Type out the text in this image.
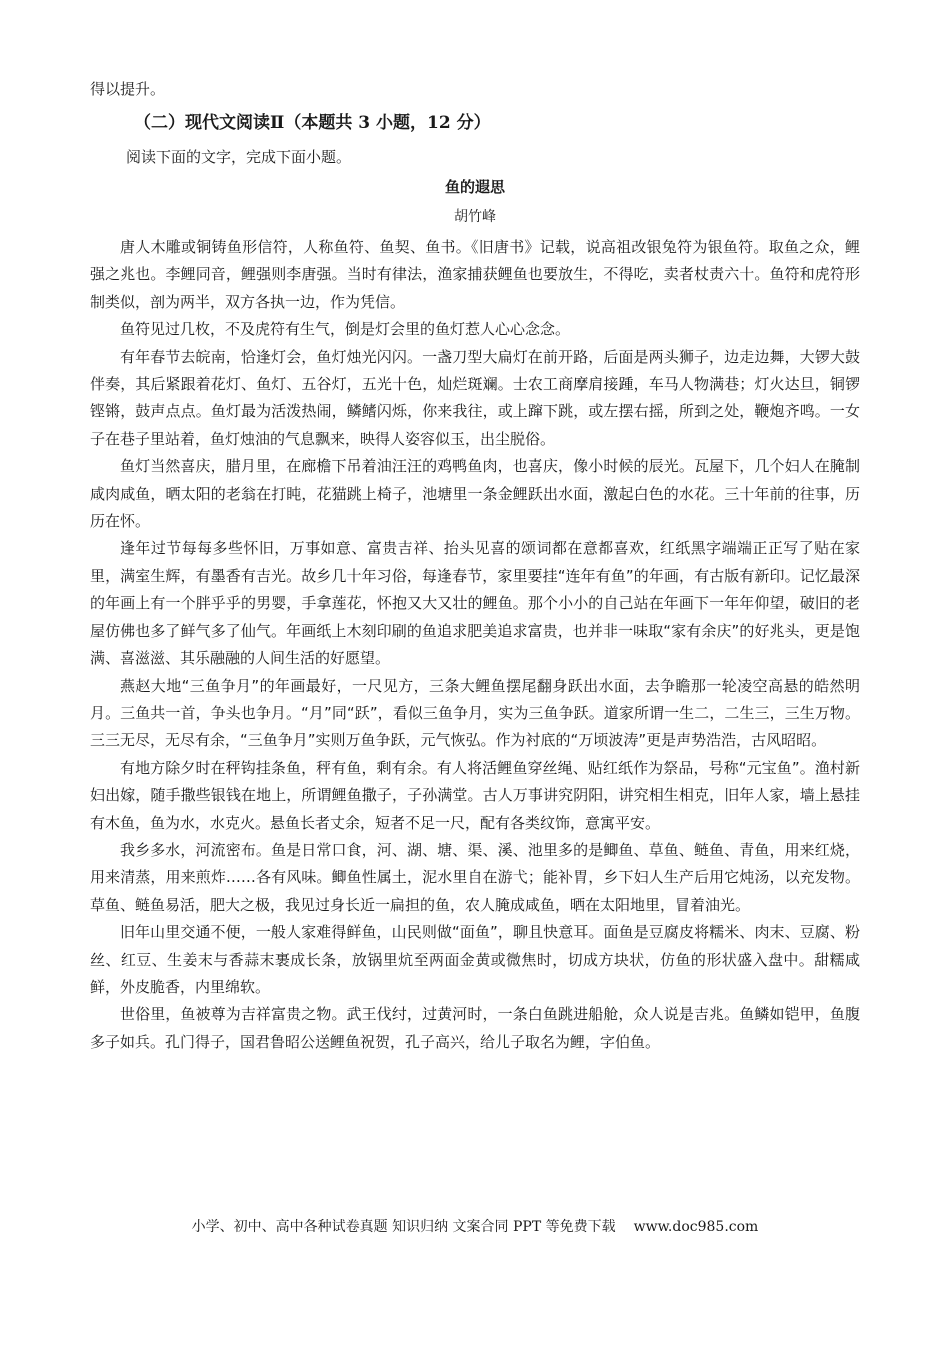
得以提升。
（二）现代文阅读Ⅱ（本题共 3 小题，12 分）
阅读下面的文字，完成下面小题。
鱼的遐思
胡竹峰

唐人木雕或铜铸鱼形信符，人称鱼符、鱼契、鱼书。《旧唐书》记载，说高祖改银兔符为银鱼符。取鱼之众，鲤强之兆也。李鲤同音，鲤强则李唐强。当时有律法，渔家捕获鲤鱼也要放生，不得吃，卖者杖责六十。鱼符和虎符形制类似，剖为两半，双方各执一边，作为凭信。

鱼符见过几枚，不及虎符有生气，倒是灯会里的鱼灯惹人心心念念。

有年春节去皖南，恰逢灯会，鱼灯烛光闪闪。一盏刀型大扁灯在前开路，后面是两头狮子，边走边舞，大锣大鼓伴奏，其后紧跟着花灯、鱼灯、五谷灯，五光十色，灿烂斑斓。士农工商摩肩接踵，车马人物满巷；灯火达旦，铜锣铿锵，鼓声点点。鱼灯最为活泼热闹，鳞鳍闪烁，你来我往，或上蹿下跳，或左摆右摇，所到之处，鞭炮齐鸣。一女子在巷子里站着，鱼灯烛油的气息飘来，映得人姿容似玉，出尘脱俗。

鱼灯当然喜庆，腊月里，在廊檐下吊着油汪汪的鸡鸭鱼肉，也喜庆，像小时候的辰光。瓦屋下，几个妇人在腌制咸肉咸鱼，晒太阳的老翁在打盹，花猫跳上椅子，池塘里一条金鲤跃出水面，激起白色的水花。三十年前的往事，历历在怀。

逢年过节每每多些怀旧，万事如意、富贵吉祥、抬头见喜的颂词都在意都喜欢，红纸黑字端端正正写了贴在家里，满室生辉，有墨香有吉光。故乡几十年习俗，每逢春节，家里要挂“连年有鱼”的年画，有古版有新印。记忆最深的年画上有一个胖乎乎的男婴，手拿莲花，怀抱又大又壮的鲤鱼。那个小小的自己站在年画下一年年仰望，破旧的老屋仿佛也多了鲜气多了仙气。年画纸上木刻印刷的鱼追求肥美追求富贵，也并非一味取“家有余庆”的好兆头，更是饱满、喜滋滋、其乐融融的人间生活的好愿望。

燕赵大地“三鱼争月”的年画最好，一尺见方，三条大鲤鱼摆尾翻身跃出水面，去争瞻那一轮凌空高悬的皓然明月。三鱼共一首，争头也争月。“月”同“跃”，看似三鱼争月，实为三鱼争跃。道家所谓一生二，二生三，三生万物。三三无尽，无尽有余，“三鱼争月”实则万鱼争跃，元气恢弘。作为衬底的“万顷波涛”更是声势浩浩，古风昭昭。

有地方除夕时在秤钩挂条鱼，秤有鱼，剩有余。有人将活鲤鱼穿丝绳、贴红纸作为祭品，号称“元宝鱼”。渔村新妇出嫁，随手撒些银钱在地上，所谓鲤鱼撒子，子孙满堂。古人万事讲究阴阳，讲究相生相克，旧年人家，墙上悬挂有木鱼，鱼为水，水克火。悬鱼长者丈余，短者不足一尺，配有各类纹饰，意寓平安。

我乡多水，河流密布。鱼是日常口食，河、湖、塘、渠、溪、池里多的是鲫鱼、草鱼、鲢鱼、青鱼，用来红烧，用来清蒸，用来煎炸……各有风味。鲫鱼性属土，泥水里自在游弋；能补胃，乡下妇人生产后用它炖汤，以充发物。草鱼、鲢鱼易活，肥大之极，我见过身长近一扁担的鱼，农人腌成咸鱼，晒在太阳地里，冒着油光。

旧年山里交通不便，一般人家难得鲜鱼，山民则做“面鱼”，聊且快意耳。面鱼是豆腐皮将糯米、肉末、豆腐、粉丝、红豆、生姜末与香蒜末裹成长条，放锅里炕至两面金黄或微焦时，切成方块状，仿鱼的形状盛入盘中。甜糯咸鲜，外皮脆香，内里绵软。

世俗里，鱼被尊为吉祥富贵之物。武王伐纣，过黄河时，一条白鱼跳进船舱，众人说是吉兆。鱼鳞如铠甲，鱼腹多子如兵。孔门得子，国君鲁昭公送鲤鱼祝贺，孔子高兴，给儿子取名为鲤，字伯鱼。

小学、初中、高中各种试卷真题 知识归纳 文案合同 PPT 等免费下载 www.doc985.com
